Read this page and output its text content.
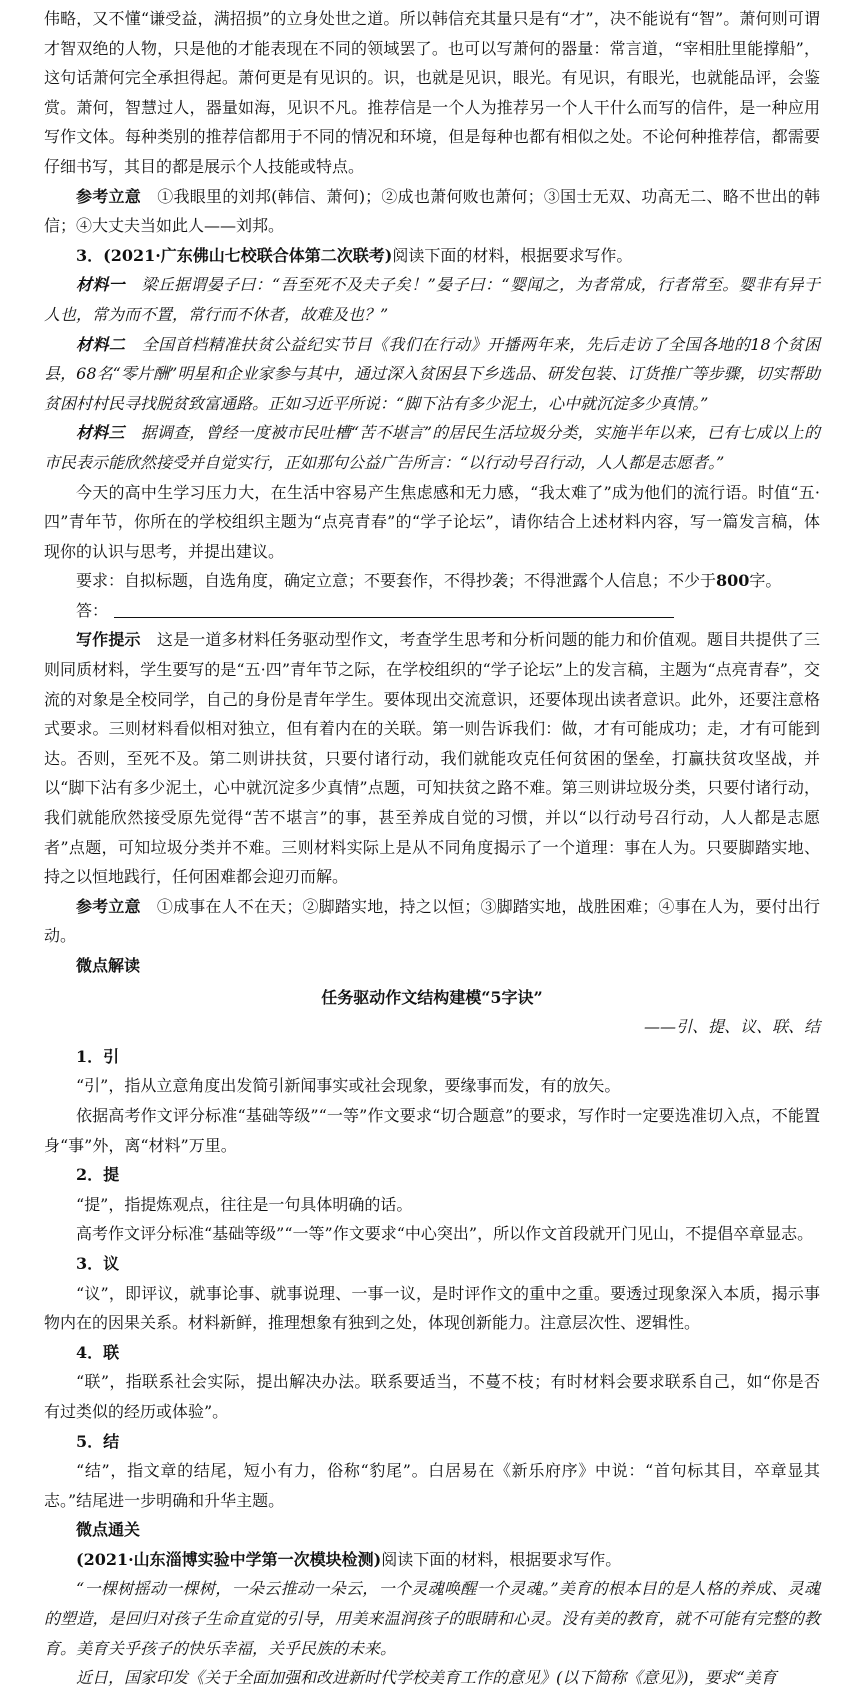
伟略，又不懂“谦受益，满招损”的立身处世之道。所以韩信充其量只是有“才”，决不能说有“智”。萧何则可谓才智双绝的人物，只是他的才能表现在不同的领域罢了。也可以写萧何的器量：常言道，“宰相肚里能撑船”，这句话萧何完全承担得起。萧何更是有见识的。识，也就是见识，眼光。有见识，有眼光，也就能品评，会鉴赏。萧何，智慧过人，器量如海，见识不凡。推荐信是一个人为推荐另一个人干什么而写的信件，是一种应用写作文体。每种类别的推荐信都用于不同的情况和环境，但是每种也都有相似之处。不论何种推荐信，都需要仔细书写，其目的都是展示个人技能或特点。

参考立意　 ①我眼里的刘邦(韩信、萧何)；②成也萧何败也萧何；③国士无双、功高无二、略不世出的韩信；④大丈夫当如此人——刘邦。

3．(2021·广东佛山七校联合体第二次联考)阅读下面的材料，根据要求写作。

材料一　 梁丘据谓晏子曰：“吾至死不及夫子矣！”晏子曰：“婴闻之，为者常成，行者常至。婴非有异于人也，常为而不置，常行而不休者，故难及也？”

材料二　 全国首档精准扶贫公益纪实节目《我们在行动》开播两年来，先后走访了全国各地的18个贫困县，68名“零片酬”明星和企业家参与其中，通过深入贫困县下乡选品、研发包装、订货推广等步骤，切实帮助贫困村村民寻找脱贫致富通路。正如习近平所说：“脚下沾有多少泥土，心中就沉淀多少真情。”

材料三　 据调查，曾经一度被市民吐槽“苦不堪言”的居民生活垃圾分类，实施半年以来，已有七成以上的市民表示能欣然接受并自觉实行，正如那句公益广告所言：“以行动号召行动，人人都是志愿者。”

今天的高中生学习压力大，在生活中容易产生焦虑感和无力感，“我太难了”成为他们的流行语。时值“五·四”青年节，你所在的学校组织主题为“点亮青春”的“学子论坛”，请你结合上述材料内容，写一篇发言稿，体现你的认识与思考，并提出建议。

要求：自拟标题，自选角度，确定立意；不要套作，不得抄袭；不得泄露个人信息；不少于800字。

答：

写作提示　 这是一道多材料任务驱动型作文，考查学生思考和分析问题的能力和价值观。题目共提供了三则同质材料，学生要写的是“五·四”青年节之际，在学校组织的“学子论坛”上的发言稿，主题为“点亮青春”，交流的对象是全校同学，自己的身份是青年学生。要体现出交流意识，还要体现出读者意识。此外，还要注意格式要求。三则材料看似相对独立，但有着内在的关联。第一则告诉我们：做，才有可能成功；走，才有可能到达。否则，至死不及。第二则讲扶贫，只要付诸行动，我们就能攻克任何贫困的堡垒，打赢扶贫攻坚战，并以“脚下沾有多少泥土，心中就沉淀多少真情”点题，可知扶贫之路不难。第三则讲垃圾分类，只要付诸行动，我们就能欣然接受原先觉得“苦不堪言”的事，甚至养成自觉的习惯，并以“以行动号召行动，人人都是志愿者”点题，可知垃圾分类并不难。三则材料实际上是从不同角度揭示了一个道理：事在人为。只要脚踏实地、持之以恒地践行，任何困难都会迎刃而解。

参考立意　 ①成事在人不在天；②脚踏实地，持之以恒；③脚踏实地，战胜困难；④事在人为，要付出行动。

微点解读

任务驱动作文结构建模“5字诀”

——引、提、议、联、结

1．引

“引”，指从立意角度出发简引新闻事实或社会现象，要缘事而发，有的放矢。

依据高考作文评分标准“基础等级”“一等”作文要求“切合题意”的要求，写作时一定要选准切入点，不能置身“事”外，离“材料”万里。

2．提

“提”，指提炼观点，往往是一句具体明确的话。

高考作文评分标准“基础等级”“一等”作文要求“中心突出”，所以作文首段就开门见山，不提倡卒章显志。

3．议

“议”，即评议，就事论事、就事说理、一事一议，是时评作文的重中之重。要透过现象深入本质，揭示事物内在的因果关系。材料新鲜，推理想象有独到之处，体现创新能力。注意层次性、逻辑性。

4．联

“联”，指联系社会实际，提出解决办法。联系要适当，不蔓不枝；有时材料会要求联系自己，如“你是否有过类似的经历或体验”。

5．结

“结”，指文章的结尾，短小有力，俗称“豹尾”。白居易在《新乐府序》中说：“首句标其目，卒章显其志。”结尾进一步明确和升华主题。

微点通关

(2021·山东淄博实验中学第一次模块检测)阅读下面的材料，根据要求写作。

“一棵树摇动一棵树，一朵云推动一朵云，一个灵魂唤醒一个灵魂。”美育的根本目的是人格的养成、灵魂的塑造，是回归对孩子生命直觉的引导，用美来温润孩子的眼睛和心灵。没有美的教育，就不可能有完整的教育。美育关乎孩子的快乐幸福，关乎民族的未来。

近日，国家印发《关于全面加强和改进新时代学校美育工作的意见》(以下简称《意见》)，要求“美育
